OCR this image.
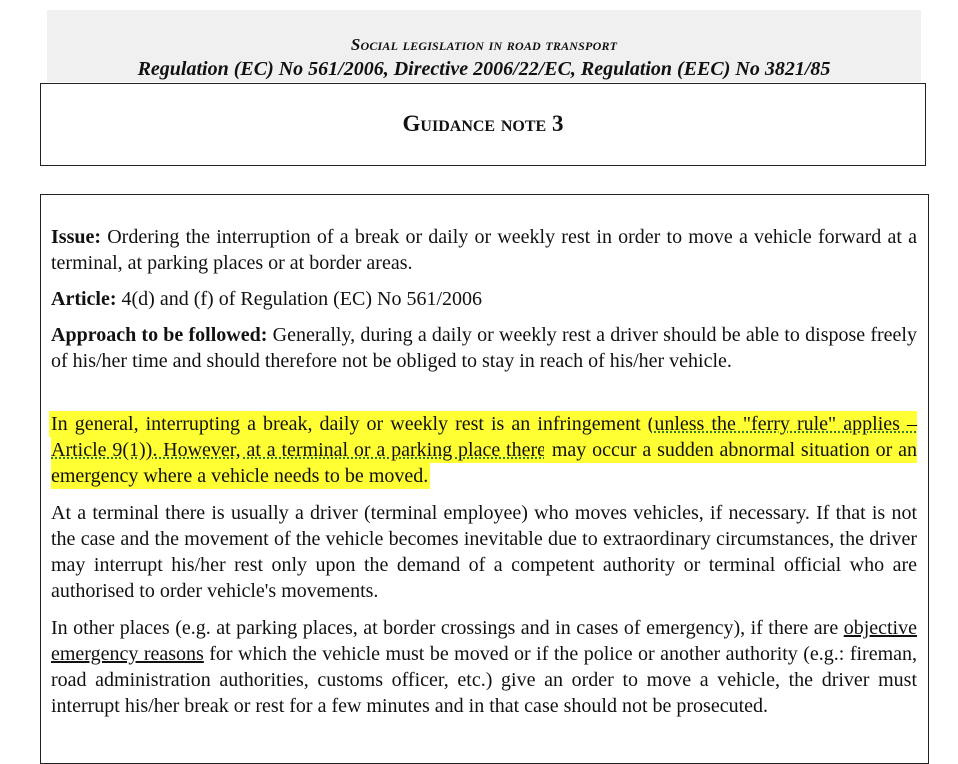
Social legislation in road transport
Regulation (EC) No 561/2006, Directive 2006/22/EC, Regulation (EEC) No 3821/85
Guidance note 3

Issue: Ordering the interruption of a break or daily or weekly rest in order to move a vehicle forward at a terminal, at parking places or at border areas.

Article: 4(d) and (f) of Regulation (EC) No 561/2006

Approach to be followed: Generally, during a daily or weekly rest a driver should be able to dispose freely of his/her time and should therefore not be obliged to stay in reach of his/her vehicle.

In general, interrupting a break, daily or weekly rest is an infringement (unless the "ferry rule" applies – Article 9(1)). However, at a terminal or a parking place there may occur a sudden abnormal situation or an emergency where a vehicle needs to be moved.

At a terminal there is usually a driver (terminal employee) who moves vehicles, if necessary. If that is not the case and the movement of the vehicle becomes inevitable due to extraordinary circumstances, the driver may interrupt his/her rest only upon the demand of a competent authority or terminal official who are authorised to order vehicle's movements.

In other places (e.g. at parking places, at border crossings and in cases of emergency), if there are objective emergency reasons for which the vehicle must be moved or if the police or another authority (e.g.: fireman, road administration authorities, customs officer, etc.) give an order to move a vehicle, the driver must interrupt his/her break or rest for a few minutes and in that case should not be prosecuted.
